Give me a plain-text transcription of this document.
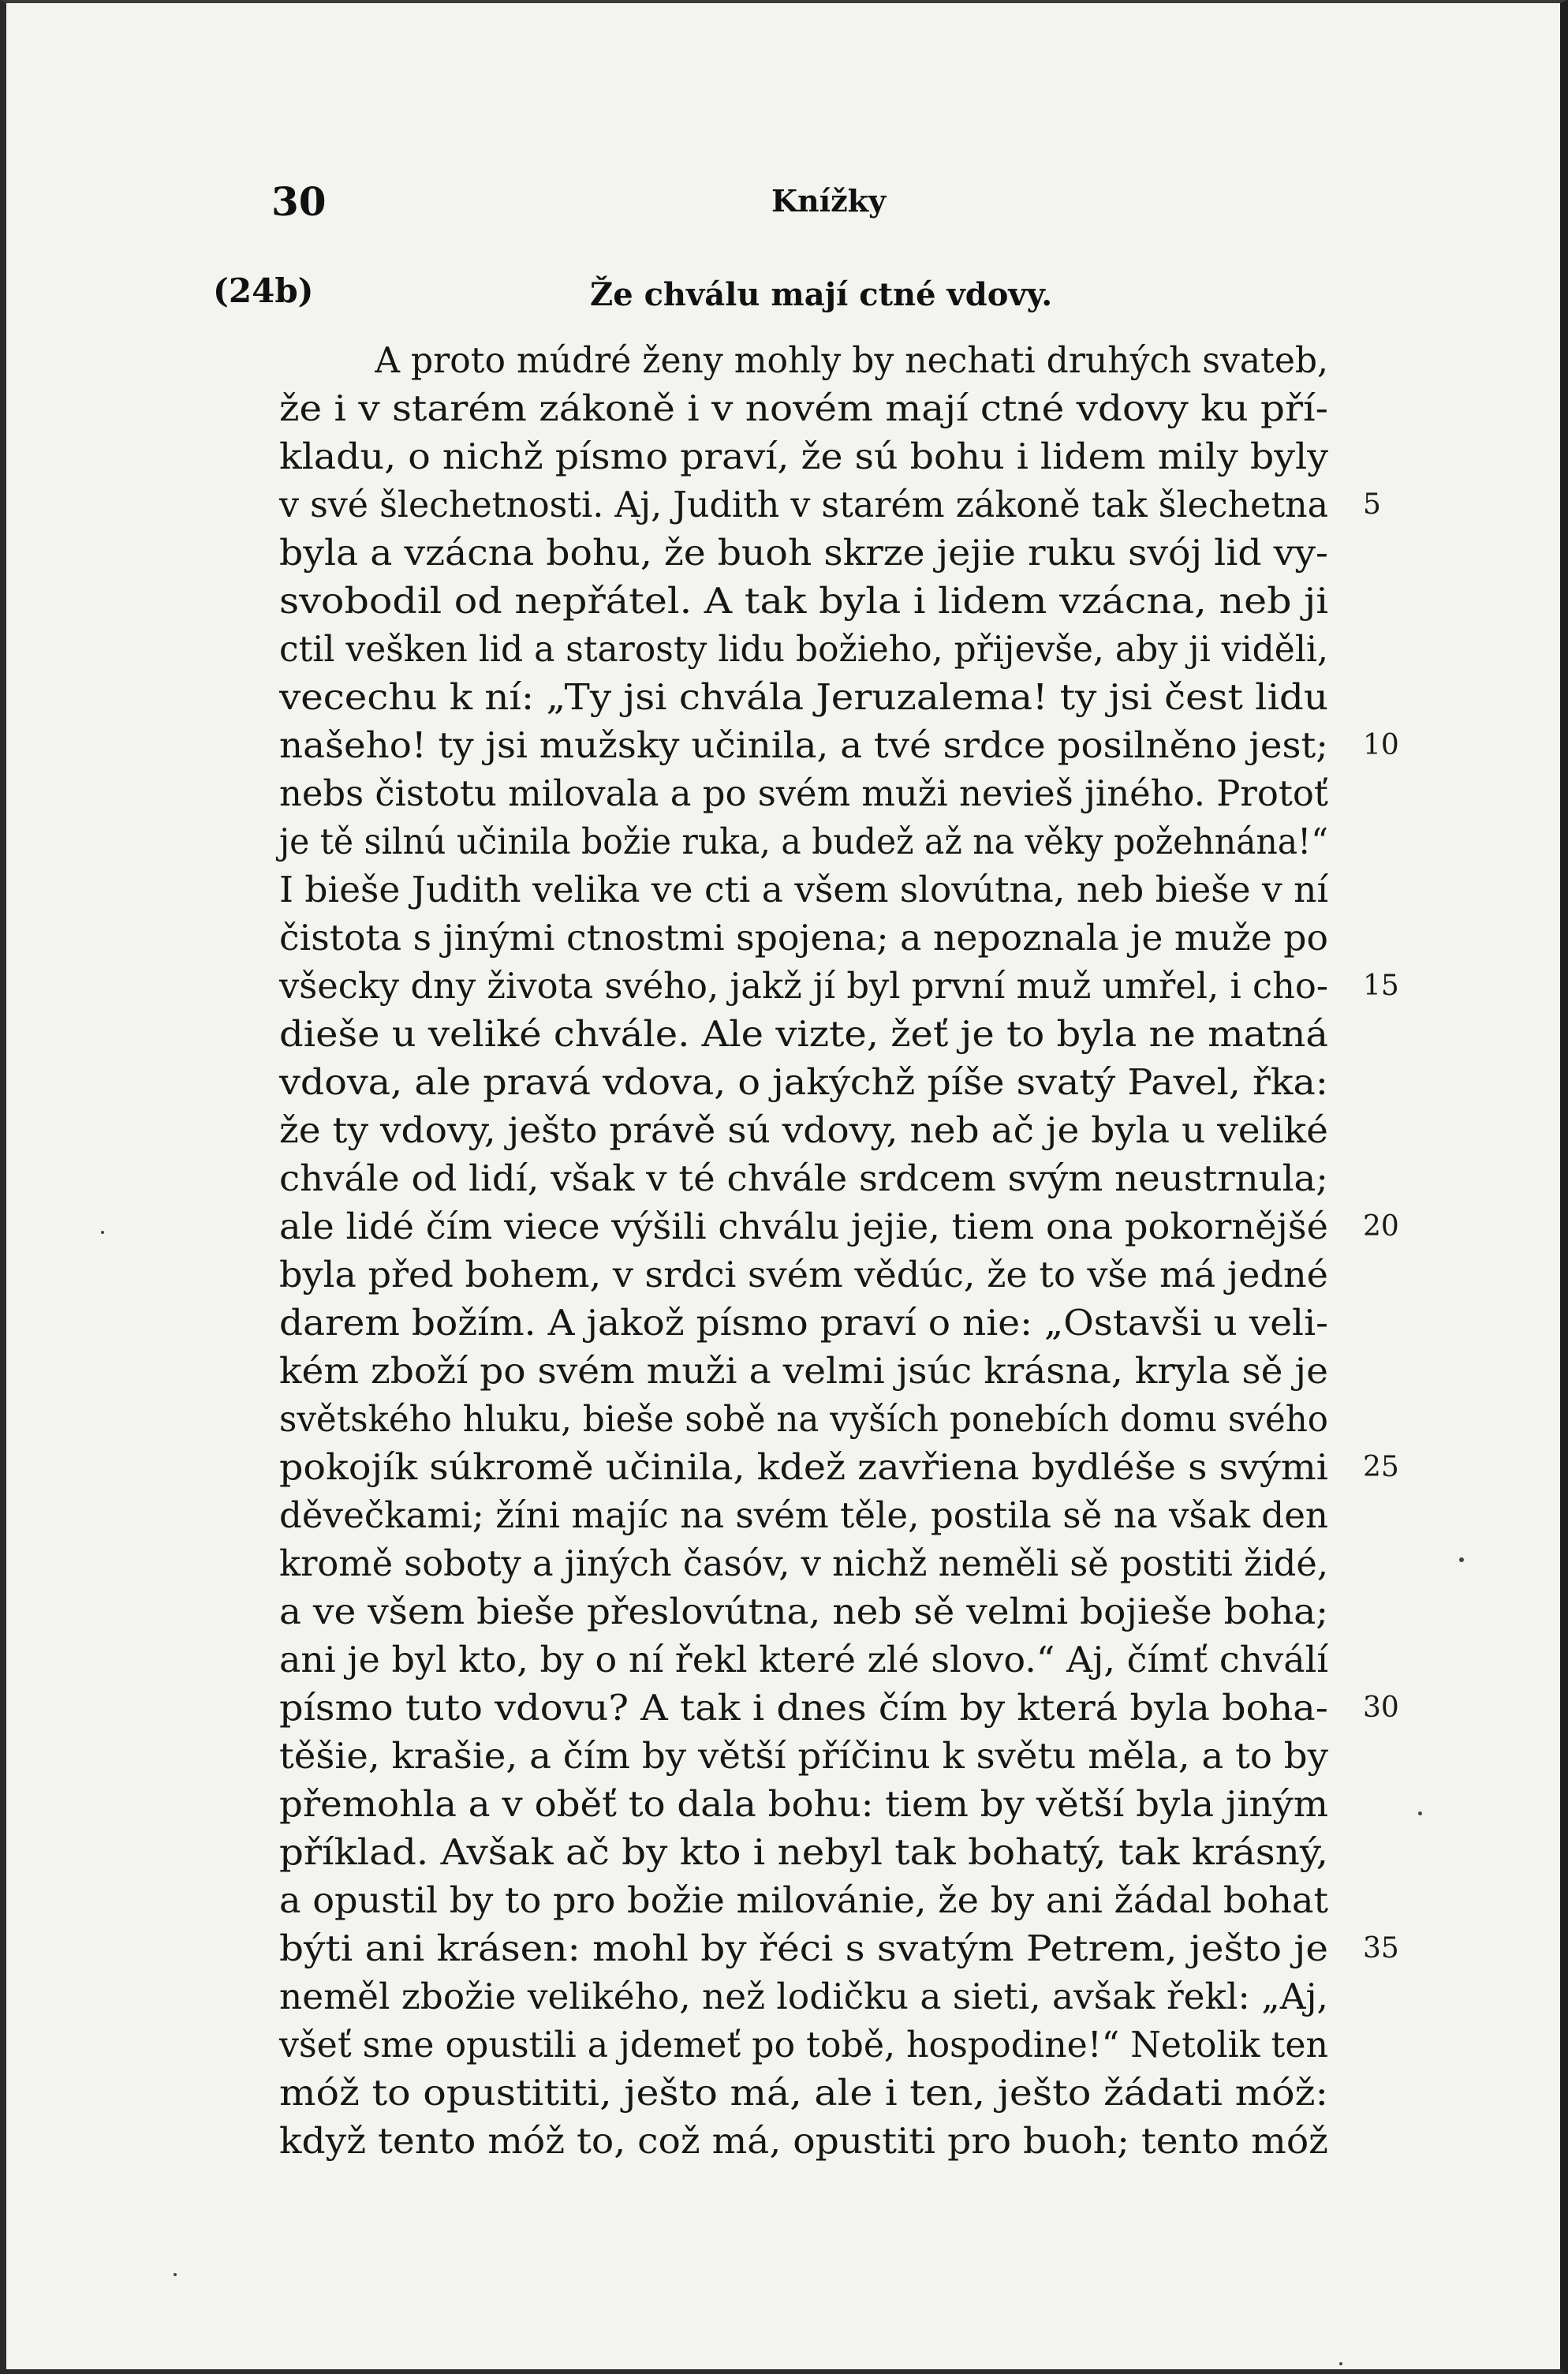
30	Knížky
(24b)	Že chválu mají ctné vdovy.
A proto múdré ženy mohly by nechati druhých svateb,
že i v starém zákoně i v novém mají ctné vdovy ku pří-
kladu, o nichž písmo praví, že sú bohu i lidem mily byly
v své šlechetnosti. Aj, Judith v starém zákoně tak šlechetna 5
byla a vzácna bohu, že buoh skrze jejie ruku svój lid vy-
svobodil od nepřátel. A tak byla i lidem vzácna, neb ji
ctil vešken lid a starosty lidu božieho, přijevše, aby ji viděli,
vecechu k ní: „Ty jsi chvála Jeruzalema! ty jsi čest lidu
našeho! ty jsi mužsky učinila, a tvé srdce posilněno jest; 10
nebs čistotu milovala a po svém muži nevieš jiného. Protoť
je tě silnú učinila božie ruka, a budež až na věky požehnána!“
I bieše Judith velika ve cti a všem slovútna, neb bieše v ní
čistota s jinými ctnostmi spojena; a nepoznala je muže po
všecky dny života svého, jakž jí byl první muž umřel, i cho- 15
dieše u veliké chvále. Ale vizte, žeť je to byla ne matná
vdova, ale pravá vdova, o jakýchž píše svatý Pavel, řka:
že ty vdovy, ješto právě sú vdovy, neb ač je byla u veliké
chvále od lidí, však v té chvále srdcem svým neustrnula;
ale lidé čím viece výšili chválu jejie, tiem ona pokornějšé 20
byla před bohem, v srdci svém vědúc, že to vše má jedné
darem božím. A jakož písmo praví o nie: „Ostavši u veli-
kém zboží po svém muži a velmi jsúc krásna, kryla sě je
světského hluku, bieše sobě na vyších ponebích domu svého
pokojík súkromě učinila, kdež zavřiena bydléše s svými 25
děvečkami; žíni majíc na svém těle, postila sě na však den
kromě soboty a jiných časóv, v nichž neměli sě postiti židé,
a ve všem bieše přeslovútna, neb sě velmi bojieše boha;
ani je byl kto, by o ní řekl které zlé slovo.“ Aj, čímť chválí
písmo tuto vdovu? A tak i dnes čím by která byla boha- 30
těšie, krašie, a čím by větší příčinu k světu měla, a to by
přemohla a v oběť to dala bohu: tiem by větší byla jiným
příklad. Avšak ač by kto i nebyl tak bohatý, tak krásný,
a opustil by to pro božie milovánie, že by ani žádal bohat
býti ani krásen: mohl by řéci s svatým Petrem, ješto je 35
neměl zbožie velikého, než lodičku a sieti, avšak řekl: „Aj,
všeť sme opustili a jdemeť po tobě, hospodine!“ Netolik ten
móž to opustititi, ješto má, ale i ten, ješto žádati móž:
když tento móž to, což má, opustiti pro buoh; tento móž
